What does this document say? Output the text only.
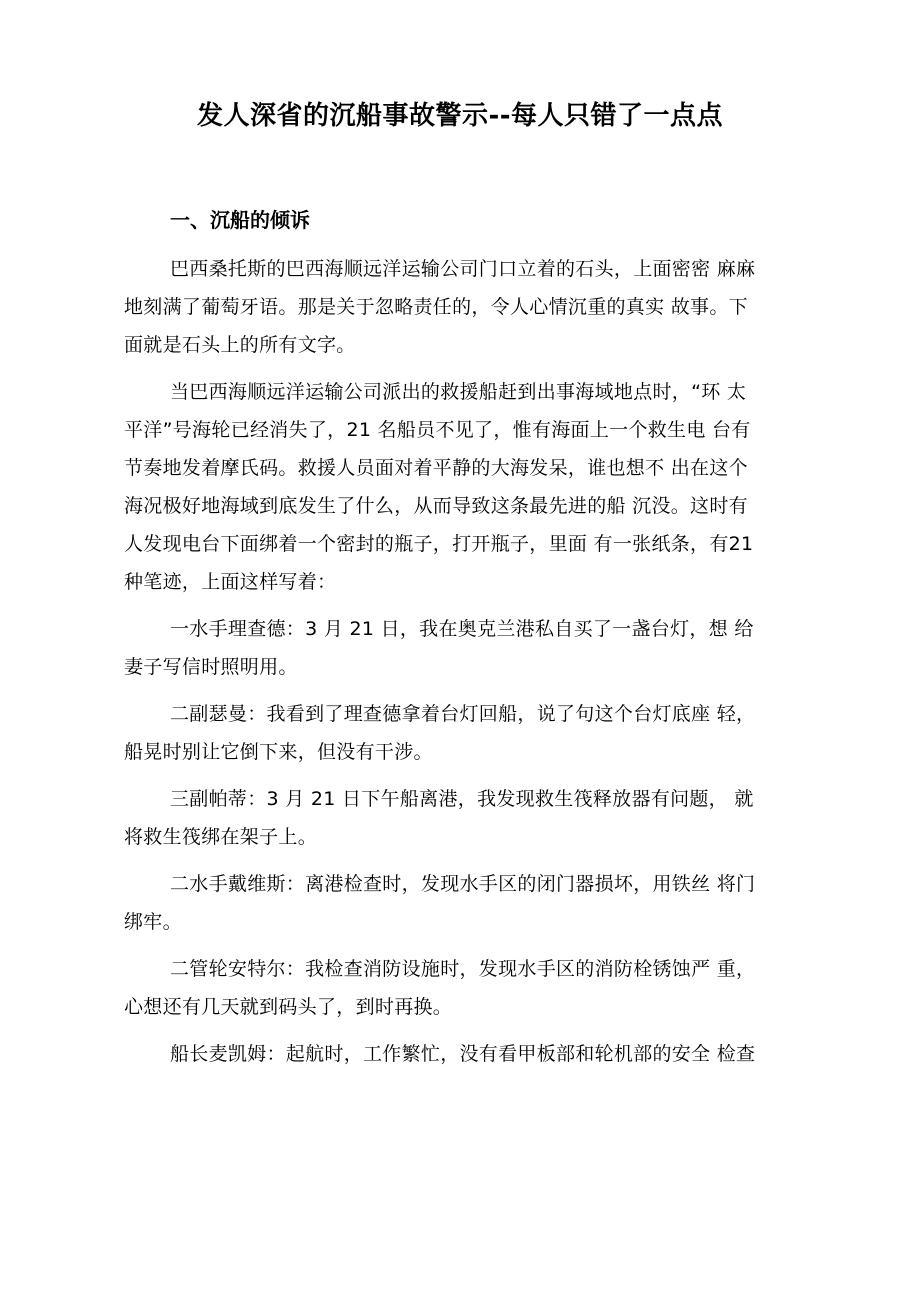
发人深省的沉船事故警示--每人只错了一点点
一、沉船的倾诉

巴西桑托斯的巴西海顺远洋运输公司门口立着的石头，上面密密 麻麻
地刻满了葡萄牙语。那是关于忽略责任的，令人心情沉重的真实 故事。下
面就是石头上的所有文字。

当巴西海顺远洋运输公司派出的救援船赶到出事海域地点时，“环 太
平洋”号海轮已经消失了，21 名船员不见了，惟有海面上一个救生电 台有
节奏地发着摩氏码。救援人员面对着平静的大海发呆，谁也想不 出在这个
海况极好地海域到底发生了什么，从而导致这条最先进的船 沉没。这时有
人发现电台下面绑着一个密封的瓶子，打开瓶子，里面 有一张纸条，有21
种笔迹，上面这样写着：

一水手理查德：3 月 21 日，我在奥克兰港私自买了一盏台灯，想 给
妻子写信时照明用。

二副瑟曼：我看到了理查德拿着台灯回船，说了句这个台灯底座 轻，
船晃时别让它倒下来，但没有干涉。

三副帕蒂：3 月 21 日下午船离港，我发现救生筏释放器有问题， 就
将救生筏绑在架子上。

二水手戴维斯：离港检查时，发现水手区的闭门器损坏，用铁丝 将门
绑牢。

二管轮安特尔：我检查消防设施时，发现水手区的消防栓锈蚀严 重，
心想还有几天就到码头了，到时再换。

船长麦凯姆：起航时，工作繁忙，没有看甲板部和轮机部的安全 检查
